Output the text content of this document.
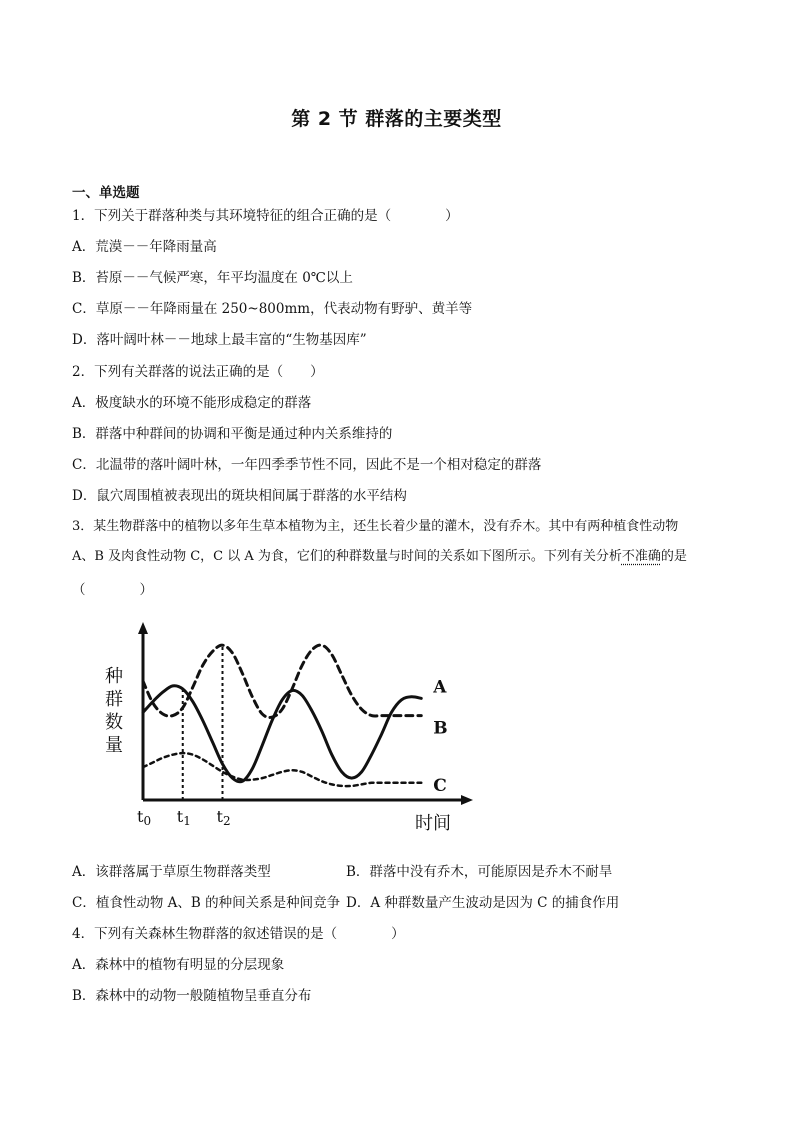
第 2 节 群落的主要类型
一、单选题
1．下列关于群落种类与其环境特征的组合正确的是（　　　　）
A．荒漠－－年降雨量高
B．苔原－－气候严寒，年平均温度在 0℃以上
C．草原－－年降雨量在 250~800mm，代表动物有野驴、黄羊等
D．落叶阔叶林－－地球上最丰富的“生物基因库”
2．下列有关群落的说法正确的是（　　）
A．极度缺水的环境不能形成稳定的群落
B．群落中种群间的协调和平衡是通过种内关系维持的
C．北温带的落叶阔叶林，一年四季季节性不同，因此不是一个相对稳定的群落
D．鼠穴周围植被表现出的斑块相间属于群落的水平结构
3．某生物群落中的植物以多年生草本植物为主，还生长着少量的灌木，没有乔木。其中有两种植食性动物
A、B 及肉食性动物 C，C 以 A 为食，它们的种群数量与时间的关系如下图所示。下列有关分析不准确的是
（　　　　）
A
B
C
种
群
数
量
t0 t1 t2	时间
A．该群落属于草原生物群落类型	B．群落中没有乔木，可能原因是乔木不耐旱
C．植食性动物 A、B 的种间关系是种间竞争 D．A 种群数量产生波动是因为 C 的捕食作用
4．下列有关森林生物群落的叙述错误的是（　　　　）
A．森林中的植物有明显的分层现象
B．森林中的动物一般随植物呈垂直分布
